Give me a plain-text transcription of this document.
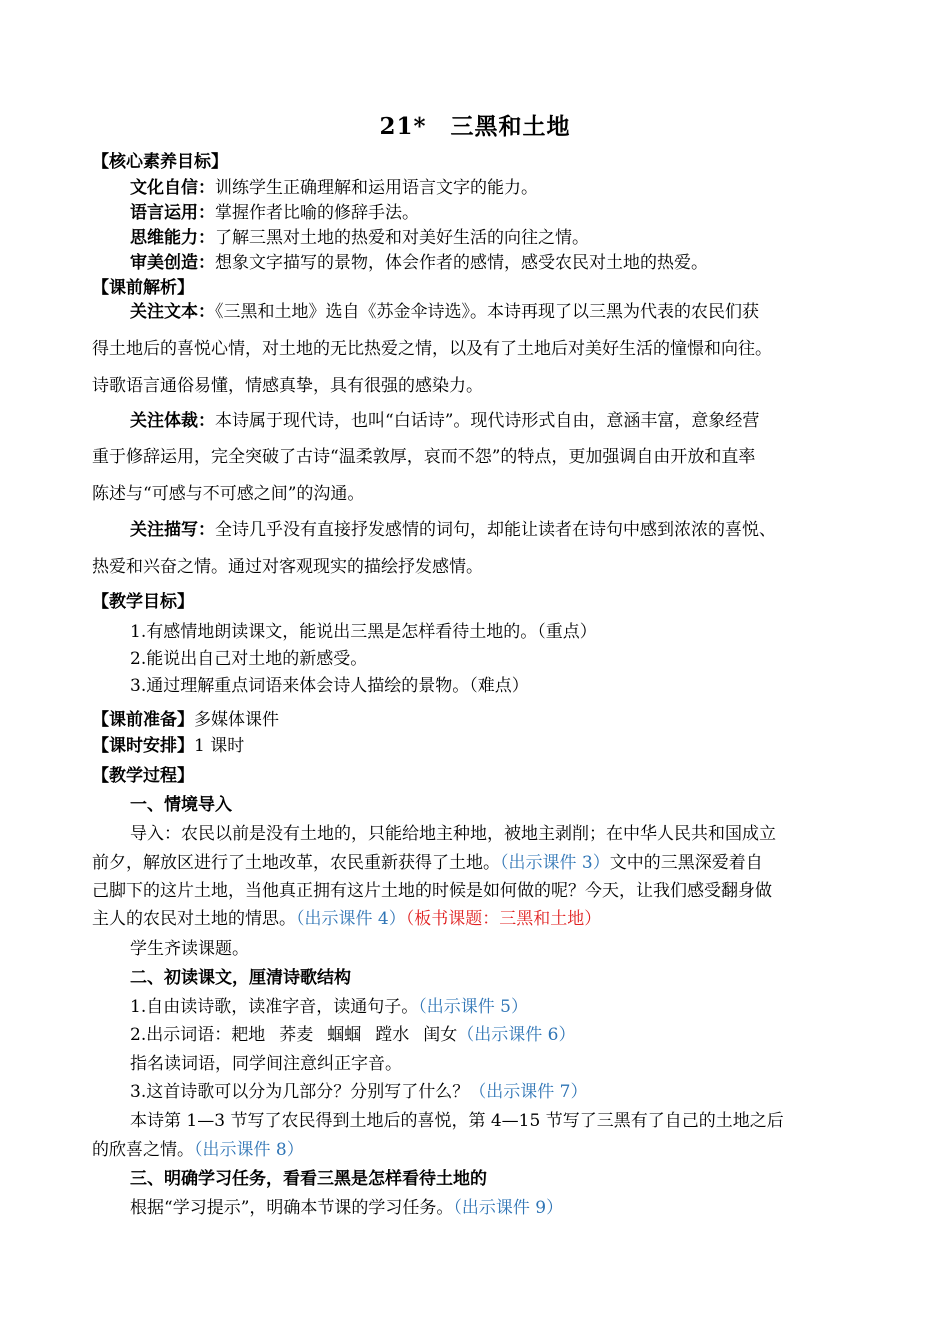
21*　三黑和土地
【核心素养目标】
文化自信：训练学生正确理解和运用语言文字的能力。
语言运用：掌握作者比喻的修辞手法。
思维能力：了解三黑对土地的热爱和对美好生活的向往之情。
审美创造：想象文字描写的景物，体会作者的感情，感受农民对土地的热爱。
【课前解析】
关注文本：《三黑和土地》选自《苏金伞诗选》。本诗再现了以三黑为代表的农民们获
得土地后的喜悦心情，对土地的无比热爱之情，以及有了土地后对美好生活的憧憬和向往。
诗歌语言通俗易懂，情感真挚，具有很强的感染力。
关注体裁：本诗属于现代诗，也叫“白话诗”。现代诗形式自由，意涵丰富，意象经营
重于修辞运用，完全突破了古诗“温柔敦厚，哀而不怨”的特点，更加强调自由开放和直率
陈述与“可感与不可感之间”的沟通。
关注描写：全诗几乎没有直接抒发感情的词句，却能让读者在诗句中感到浓浓的喜悦、
热爱和兴奋之情。通过对客观现实的描绘抒发感情。
【教学目标】
1.有感情地朗读课文，能说出三黑是怎样看待土地的。（重点）
2.能说出自己对土地的新感受。
3.通过理解重点词语来体会诗人描绘的景物。（难点）
【课前准备】多媒体课件
【课时安排】1 课时
【教学过程】
一、情境导入
导入：农民以前是没有土地的，只能给地主种地，被地主剥削；在中华人民共和国成立
前夕，解放区进行了土地改革，农民重新获得了土地。（出示课件 3）文中的三黑深爱着自
己脚下的这片土地，当他真正拥有这片土地的时候是如何做的呢？今天，让我们感受翻身做
主人的农民对土地的情思。（出示课件 4）（板书课题：三黑和土地）
学生齐读课题。
二、初读课文，厘清诗歌结构
1.自由读诗歌，读准字音，读通句子。（出示课件 5）
2.出示词语：耙地 荞麦 蝈蝈 蹚水 闺女（出示课件 6）
指名读词语，同学间注意纠正字音。
3.这首诗歌可以分为几部分？分别写了什么？（出示课件 7）
本诗第 1—3 节写了农民得到土地后的喜悦，第 4—15 节写了三黑有了自己的土地之后
的欣喜之情。（出示课件 8）
三、明确学习任务，看看三黑是怎样看待土地的
根据“学习提示”，明确本节课的学习任务。（出示课件 9）
